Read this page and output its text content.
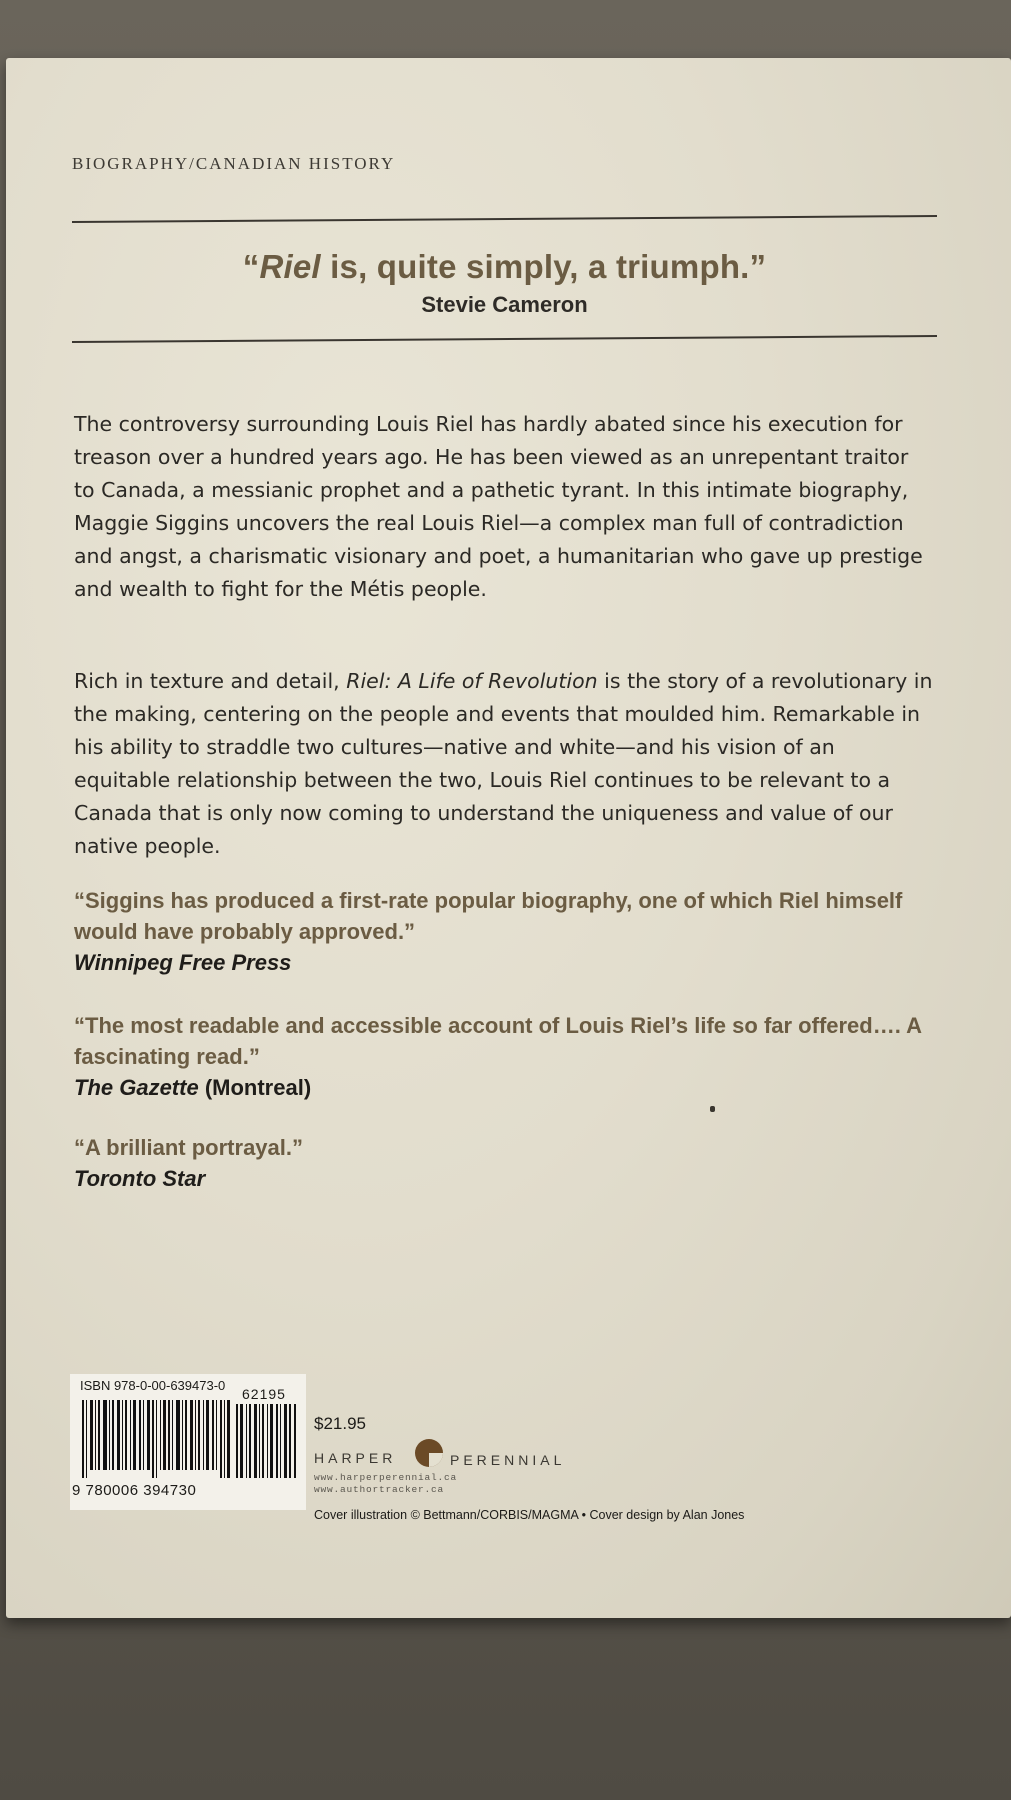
BIOGRAPHY/CANADIAN HISTORY
“Riel is, quite simply, a triumph.”
Stevie Cameron

The controversy surrounding Louis Riel has hardly abated since his execution for treason over a hundred years ago. He has been viewed as an unrepentant traitor to Canada, a messianic prophet and a pathetic tyrant. In this intimate biography, Maggie Siggins uncovers the real Louis Riel—a complex man full of contradiction and angst, a charismatic visionary and poet, a humanitarian who gave up prestige and wealth to fight for the Métis people.

Rich in texture and detail, Riel: A Life of Revolution is the story of a revolutionary in the making, centering on the people and events that moulded him. Remarkable in his ability to straddle two cultures—native and white—and his vision of an equitable relationship between the two, Louis Riel continues to be relevant to a Canada that is only now coming to understand the uniqueness and value of our native people.

“Siggins has produced a first-rate popular biography, one of which Riel himself would have probably approved.”
Winnipeg Free Press
“The most readable and accessible account of Louis Riel’s life so far offered…. A fascinating read.”
The Gazette (Montreal)
“A brilliant portrayal.”
Toronto Star
ISBN 978-0-00-639473-0
62195
9 780006 394730
$21.95
HARPER	PERENNIAL
www.harperperennial.ca
www.authortracker.ca
Cover illustration © Bettmann/CORBIS/MAGMA • Cover design by Alan Jones
